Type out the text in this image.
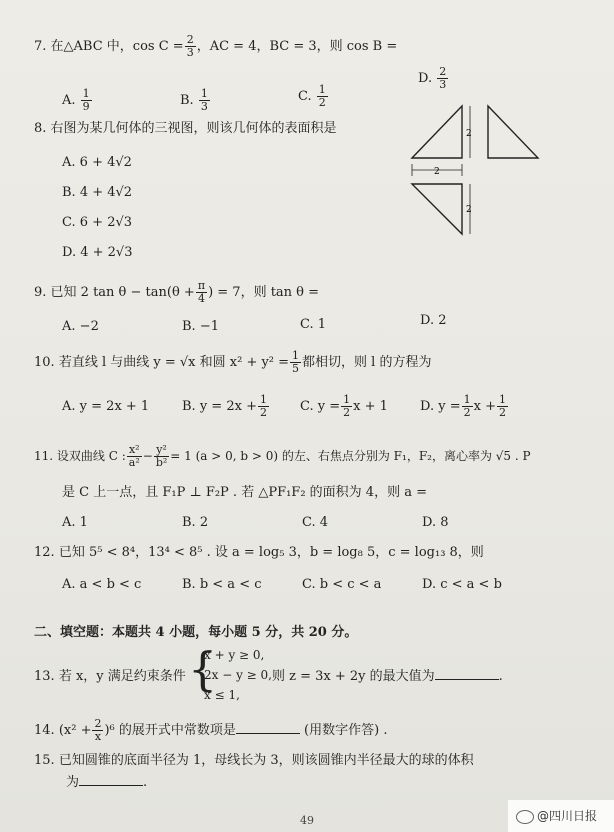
7. 在△ABC 中，$\cos C = \frac{2}{3}$ ，AC = 4，BC = 3，则 cos B =
A. $\frac{1}{9}$	B. $\frac{1}{3}$	C. $\frac{1}{2}$
D. $\frac{2}{3}$
8. 右图为某几何体的三视图，则该几何体的表面积是
A. 6 + 4√2
B. 4 + 4√2
C. 6 + 2√3
D. 4 + 2√3
2
2
2
9. 已知 2 $\tan \theta - \tan(\theta + \frac{\pi}{4}$ ) = 7，则 tan θ =
A. −2	B. −1	C. 1	D. 2
10. 若直线 l 与曲线 y = √x 和圆 $x^2 + y^2 = \frac{1}{5}$ 都相切，则 l 的方程为
A. y = 2x + 1	B. $y = 2x + \frac{1}{2} C$. $y = \frac{1}{2}$ x + 1 D. $y = \frac{1}{2}$ $x + \frac{1}{2}$
11. 设双曲线 C : $\frac{\text{x²}}{\text{a²}} - \frac{\text{y²}}{\text{b²}} = 1$ (a > 0, b > 0) 的左、右焦点分别为 F₁，F₂，离心率为 √5 . P
是 C 上一点，且 F₁P ⊥ F₂P . 若 △PF₁F₂ 的面积为 4，则 a =
A. 1	B. 2	C. 4	D. 8
12. 已知 5⁵ < 8⁴，13⁴ < 8⁵ . 设 a = log₅ 3，b = log₈ 5，c = log₁₃ 8，则
A. a < b < c	B. b < a < c	C. b < c < a	D. c < a < b
二、填空题：本题共 4 小题，每小题 5 分，共 20 分。
13. 若 x，y 满足约束条件 {
x + y ≥ 0,
2x − y ≥ 0,
x ≤ 1,
则 z = 3x + 2y 的最大值为	.
14. $(x^2 + \frac{2}{x} )^6$ 的展开式中常数项是	(用数字作答) .
15. 已知圆锥的底面半径为 1，母线长为 3，则该圆锥内半径最大的球的体积
为	.
49	@四川日报
